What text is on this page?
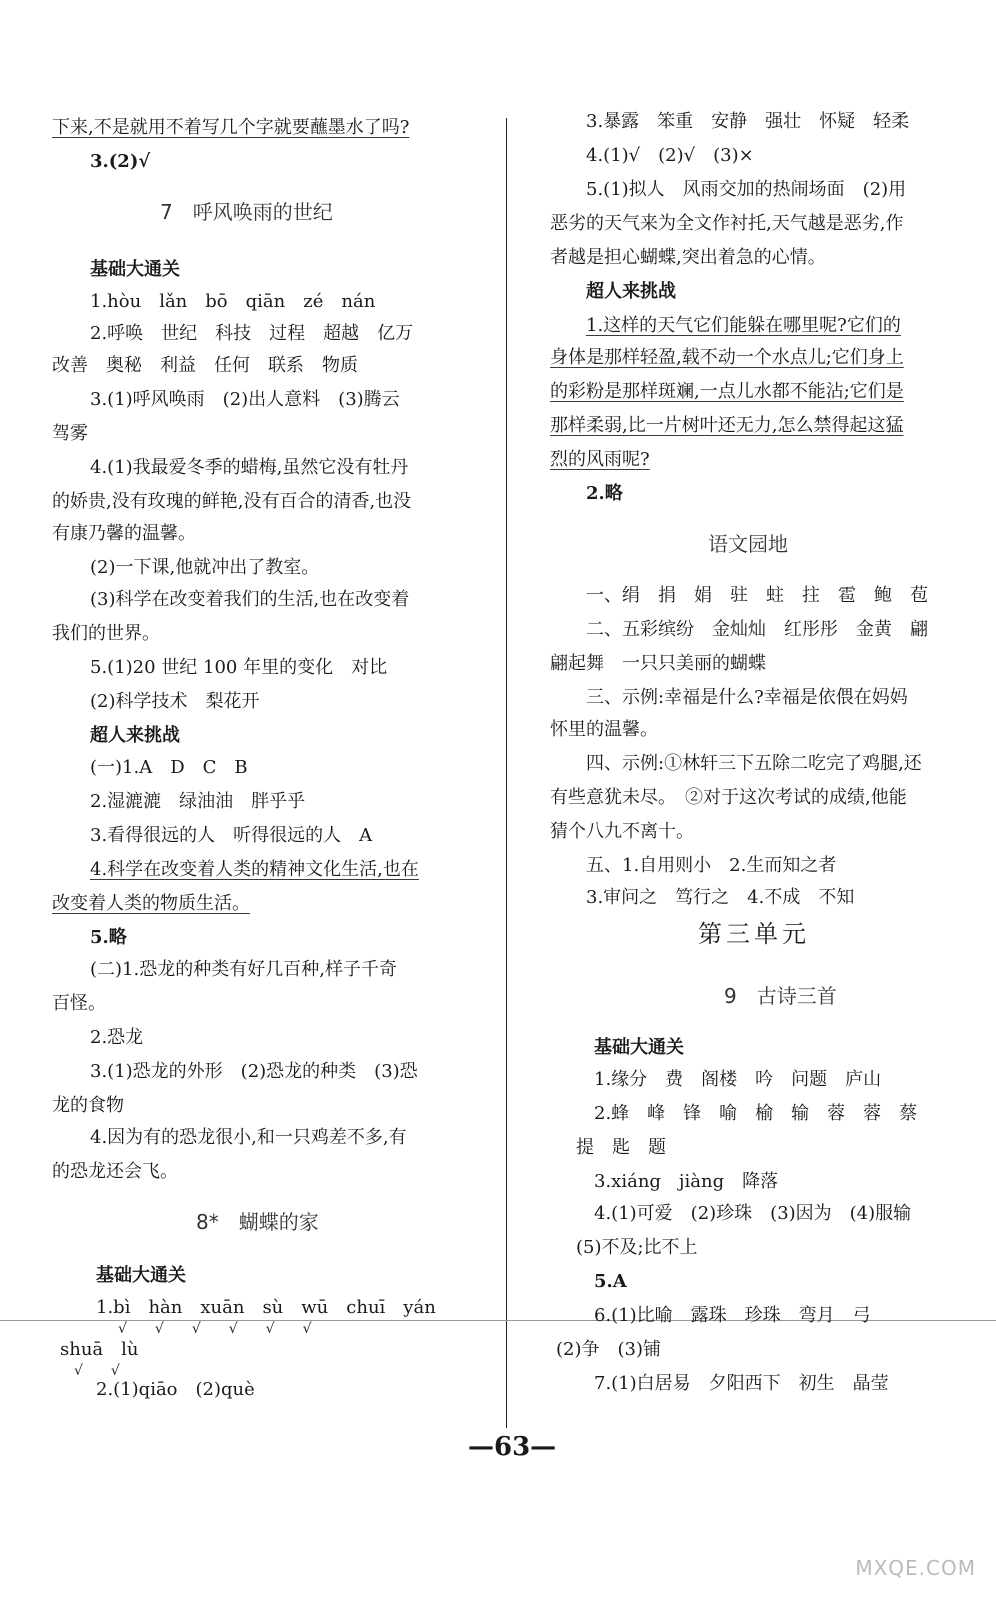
下来,不是就用不着写几个字就要蘸墨水了吗?
3.(2)√
7　呼风唤雨的世纪
基础大通关
1.hòu　lǎn　bō　qiān　zé　nán
2.呼唤　世纪　科技　过程　超越　亿万
改善　奥秘　利益　任何　联系　物质
3.(1)呼风唤雨　(2)出人意料　(3)腾云
驾雾
4.(1)我最爱冬季的蜡梅,虽然它没有牡丹
的娇贵,没有玫瑰的鲜艳,没有百合的清香,也没
有康乃馨的温馨。
(2)一下课,他就冲出了教室。
(3)科学在改变着我们的生活,也在改变着
我们的世界。
5.(1)20 世纪 100 年里的变化　对比
(2)科学技术　梨花开
超人来挑战
(一)1.A　D　C　B
2.湿漉漉　绿油油　胖乎乎
3.看得很远的人　听得很远的人　A
4.科学在改变着人类的精神文化生活,也在
改变着人类的物质生活。
5.略
(二)1.恐龙的种类有好几百种,样子千奇
百怪。
2.恐龙
3.(1)恐龙的外形　(2)恐龙的种类　(3)恐
龙的食物
4.因为有的恐龙很小,和一只鸡差不多,有
的恐龙还会飞。
8*　蝴蝶的家
基础大通关
1.bì　hàn　xuān　sù　wū　chuī　yán
√　　√　　√　　√　　√　　√
shuā　lù
√　　√
2.(1)qiāo　(2)què
3.暴露　笨重　安静　强壮　怀疑　轻柔
4.(1)√　(2)√　(3)×
5.(1)拟人　风雨交加的热闹场面　(2)用
恶劣的天气来为全文作衬托,天气越是恶劣,作
者越是担心蝴蝶,突出着急的心情。
超人来挑战
1.这样的天气它们能躲在哪里呢?它们的
身体是那样轻盈,载不动一个水点儿;它们身上
的彩粉是那样斑斓,一点儿水都不能沾;它们是
那样柔弱,比一片树叶还无力,怎么禁得起这猛
烈的风雨呢?
2.略
语文园地
一、绢　捐　娟　驻　蛀　拄　雹　鲍　苞
二、五彩缤纷　金灿灿　红彤彤　金黄　翩
翩起舞　一只只美丽的蝴蝶
三、示例:幸福是什么?幸福是依偎在妈妈
怀里的温馨。
四、示例:①林轩三下五除二吃完了鸡腿,还
有些意犹未尽。　②对于这次考试的成绩,他能
猜个八九不离十。
五、1.自用则小　2.生而知之者
3.审问之　笃行之　4.不成　不知
第三单元
9　古诗三首
基础大通关
1.缘分　费　阁楼　吟　问题　庐山
2.蜂　峰　锋　喻　榆　输　蓉　蓉　蔡
提　匙　题
3.xiáng　jiàng　降落
4.(1)可爱　(2)珍珠　(3)因为　(4)服输
(5)不及;比不上
5.A
6.(1)比喻　露珠　珍珠　弯月　弓
(2)争　(3)铺
7.(1)白居易　夕阳西下　初生　晶莹
—63—
MXQE.COM
